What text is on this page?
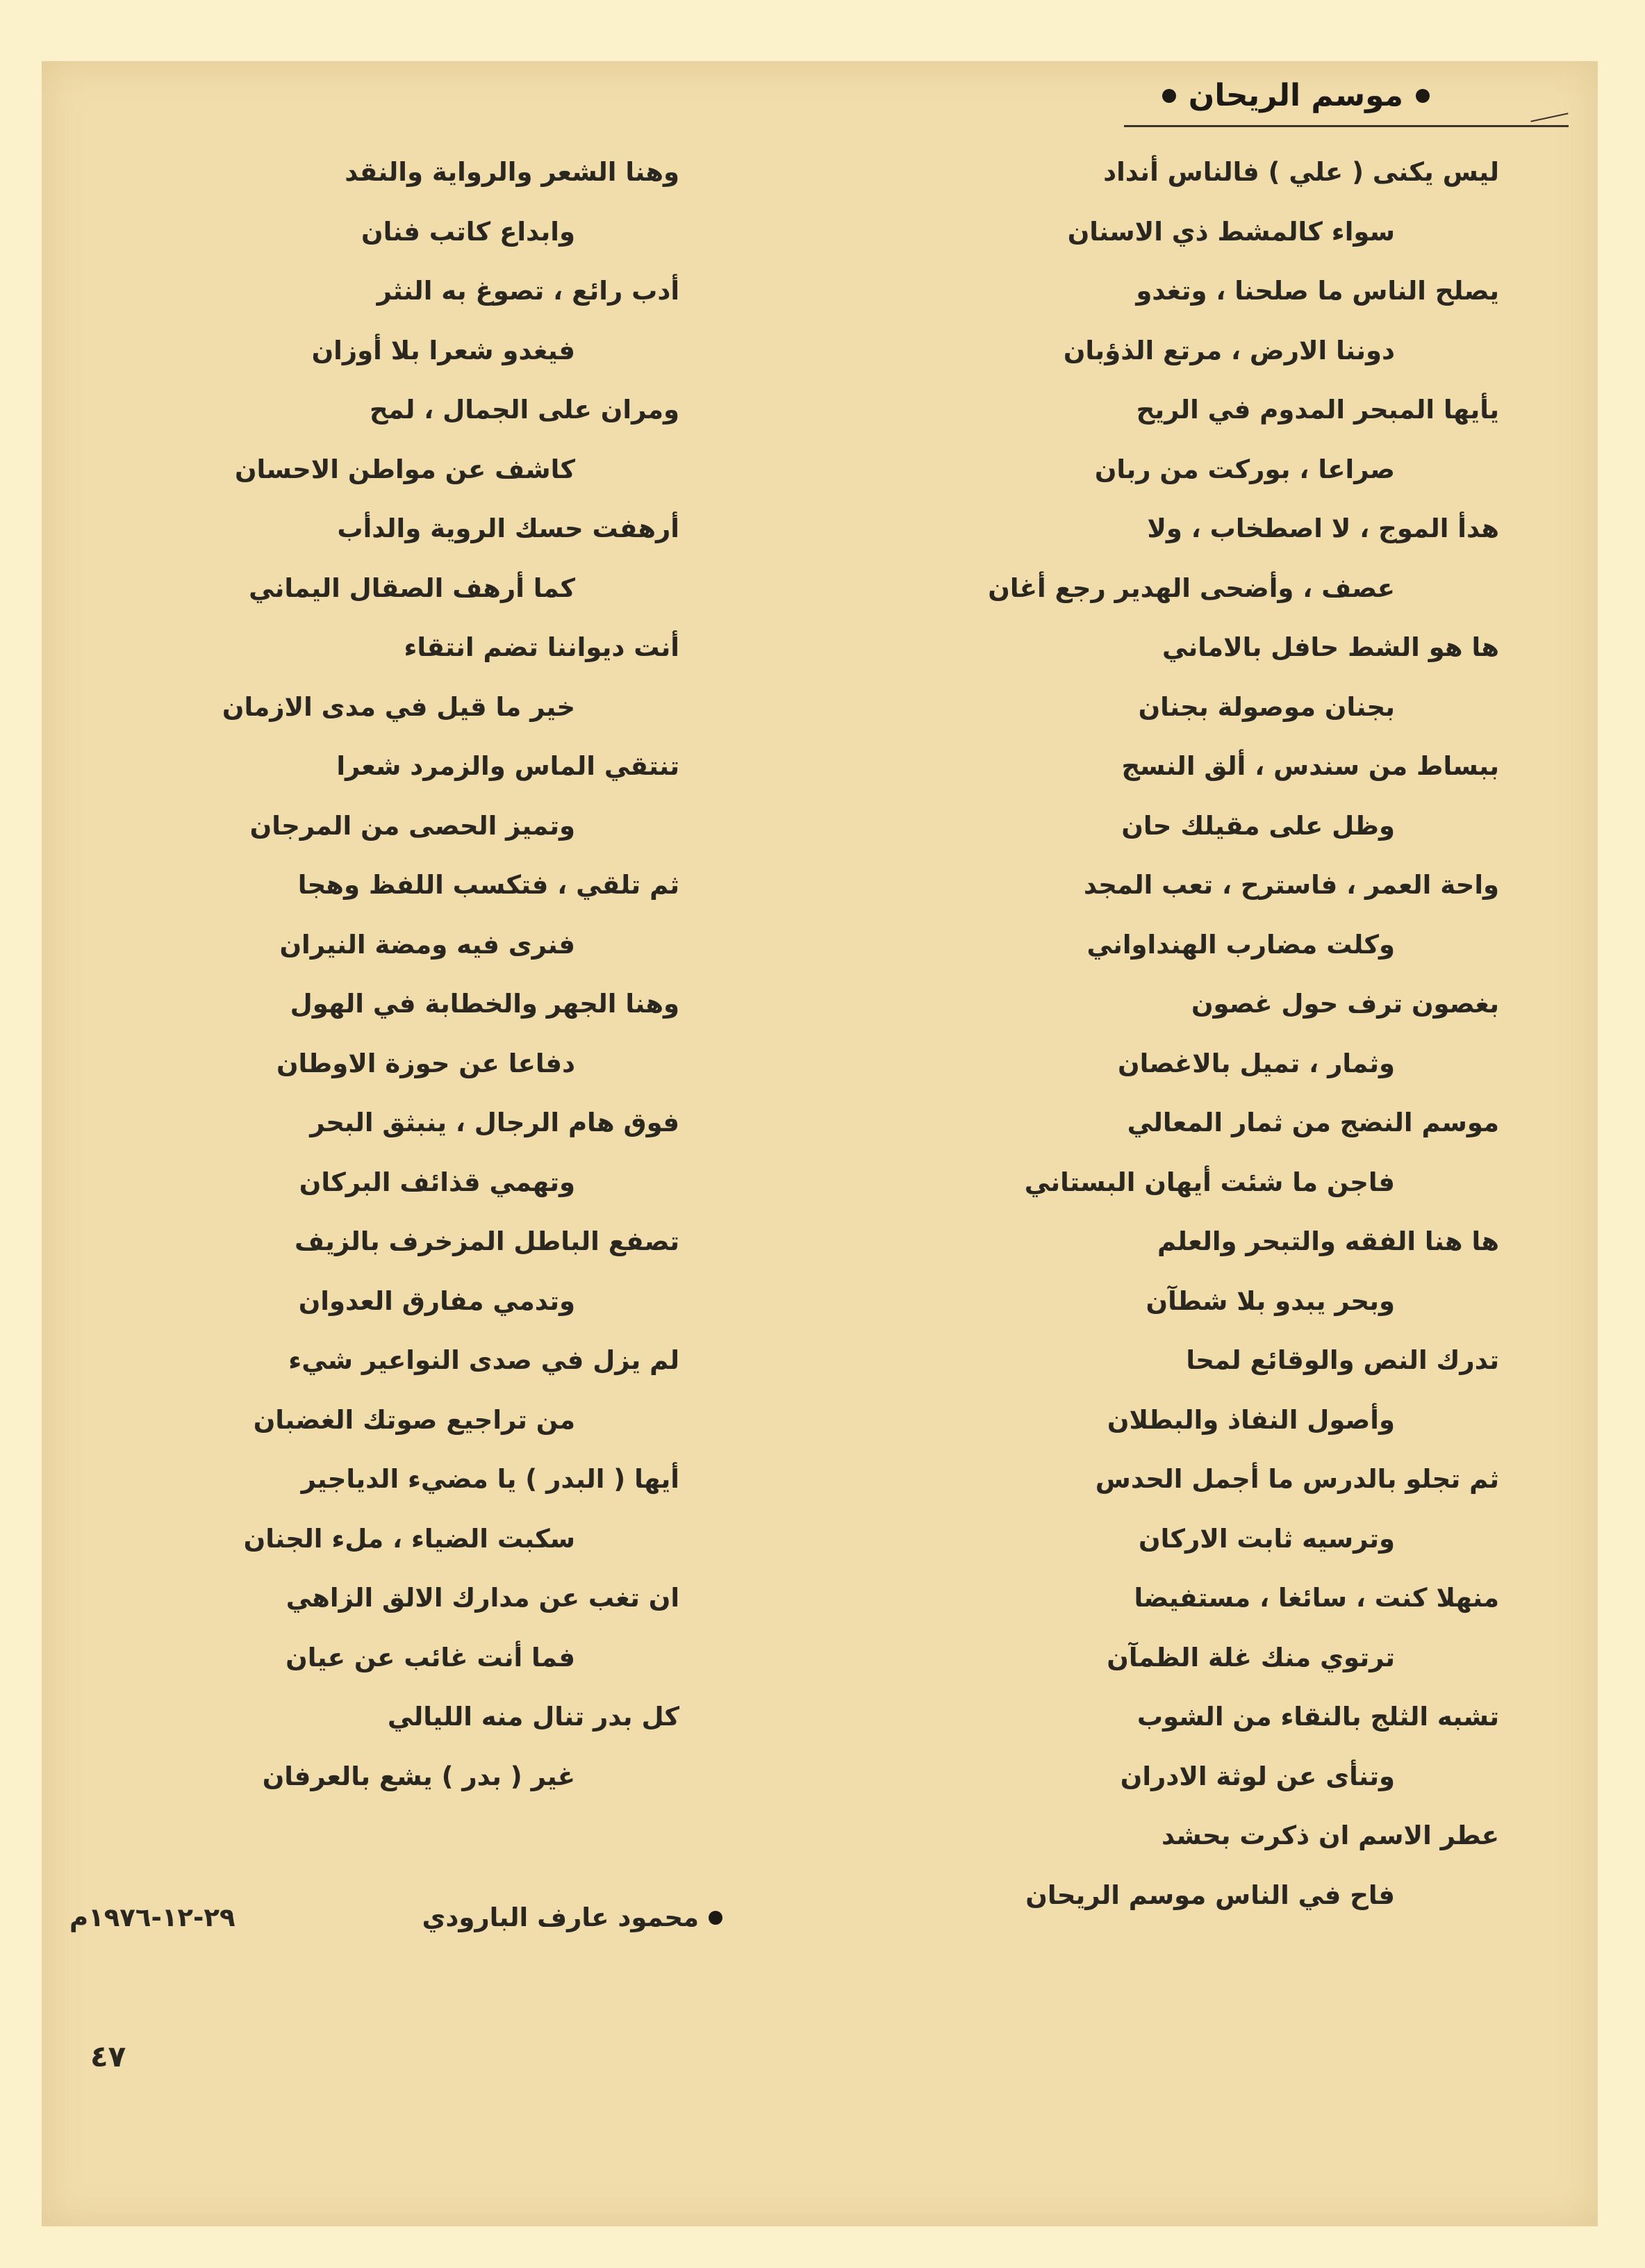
موسم الريحان
ليس يكنى ( علي ) فالناس أنداد
سواء كالمشط ذي الاسنان
يصلح الناس ما صلحنا ، وتغدو
دوننا الارض ، مرتع الذؤبان
يأيها المبحر المدوم في الريح
صراعا ، بوركت من ربان
هدأ الموج ، لا اصطخاب ، ولا
عصف ، وأضحى الهدير رجع أغان
ها هو الشط حافل بالاماني
بجنان موصولة بجنان
ببساط من سندس ، ألق النسج
وظل على مقيلك حان
واحة العمر ، فاسترح ، تعب المجد
وكلت مضارب الهنداواني
بغصون ترف حول غصون
وثمار ، تميل بالاغصان
موسم النضج من ثمار المعالي
فاجن ما شئت أيهان البستاني
ها هنا الفقه والتبحر والعلم
وبحر يبدو بلا شطآن
تدرك النص والوقائع لمحا
وأصول النفاذ والبطلان
ثم تجلو بالدرس ما أجمل الحدس
وترسيه ثابت الاركان
منهلا كنت ، سائغا ، مستفيضا
ترتوي منك غلة الظمآن
تشبه الثلج بالنقاء من الشوب
وتنأى عن لوثة الادران
عطر الاسم ان ذكرت بحشد
فاح في الناس موسم الريحان
وهنا الشعر والرواية والنقد
وابداع كاتب فنان
أدب رائع ، تصوغ به النثر
فيغدو شعرا بلا أوزان
ومران على الجمال ، لمح
كاشف عن مواطن الاحسان
أرهفت حسك الروية والدأب
كما أرهف الصقال اليماني
أنت ديواننا تضم انتقاء
خير ما قيل في مدى الازمان
تنتقي الماس والزمرد شعرا
وتميز الحصى من المرجان
ثم تلقي ، فتكسب اللفظ وهجا
فنرى فيه ومضة النيران
وهنا الجهر والخطابة في الهول
دفاعا عن حوزة الاوطان
فوق هام الرجال ، ينبثق البحر
وتهمي قذائف البركان
تصفع الباطل المزخرف بالزيف
وتدمي مفارق العدوان
لم يزل في صدى النواعير شيء
من تراجيع صوتك الغضبان
أيها ( البدر ) يا مضيء الدياجير
سكبت الضياء ، ملء الجنان
ان تغب عن مدارك الالق الزاهي
فما أنت غائب عن عيان
كل بدر تنال منه الليالي
غير ( بدر ) يشع بالعرفان
محمود عارف البارودي
٢٩-١٢-١٩٧٦م
٤٧
